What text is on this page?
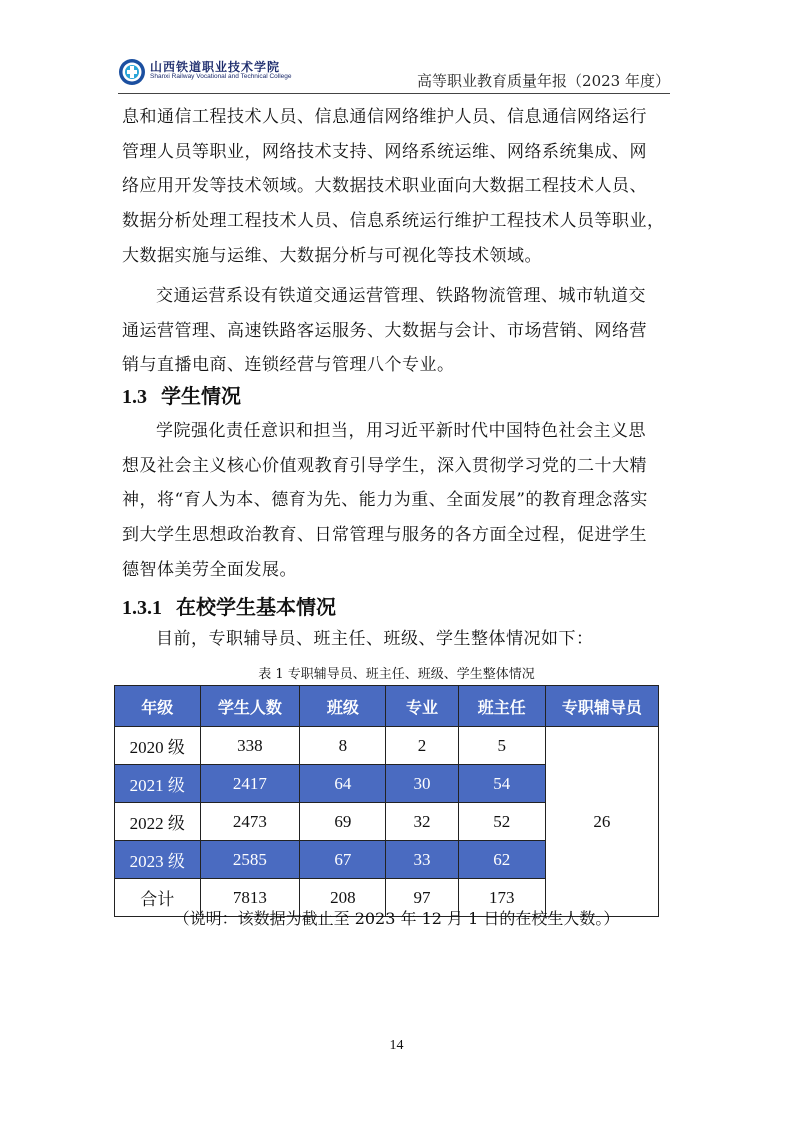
山西铁道职业技术学院
Shanxi Railway Vocational and Technical College	高等职业教育质量年报（2023 年度）
息和通信工程技术人员、信息通信网络维护人员、信息通信网络运行
管理人员等职业，网络技术支持、网络系统运维、网络系统集成、网
络应用开发等技术领域。大数据技术职业面向大数据工程技术人员、
数据分析处理工程技术人员、信息系统运行维护工程技术人员等职业，
大数据实施与运维、大数据分析与可视化等技术领域。
交通运营系设有铁道交通运营管理、铁路物流管理、城市轨道交
通运营管理、高速铁路客运服务、大数据与会计、市场营销、网络营
销与直播电商、连锁经营与管理八个专业。
1.3 学生情况
学院强化责任意识和担当，用习近平新时代中国特色社会主义思
想及社会主义核心价值观教育引导学生，深入贯彻学习党的二十大精
神，将“育人为本、德育为先、能力为重、全面发展”的教育理念落实
到大学生思想政治教育、日常管理与服务的各方面全过程，促进学生
德智体美劳全面发展。
1.3.1 在校学生基本情况
目前，专职辅导员、班主任、班级、学生整体情况如下：
表 1 专职辅导员、班主任、班级、学生整体情况
年级	学生人数	班级	专业	班主任	专职辅导员
2020 级	338	8	2	5	26
2021 级	2417	64	30	54	
2022 级	2473	69	32	52	
2023 级	2585	67	33	62	
合计	7813	208	97	173	
（说明：该数据为截止至 2023 年 12 月 1 日的在校生人数。）
14
